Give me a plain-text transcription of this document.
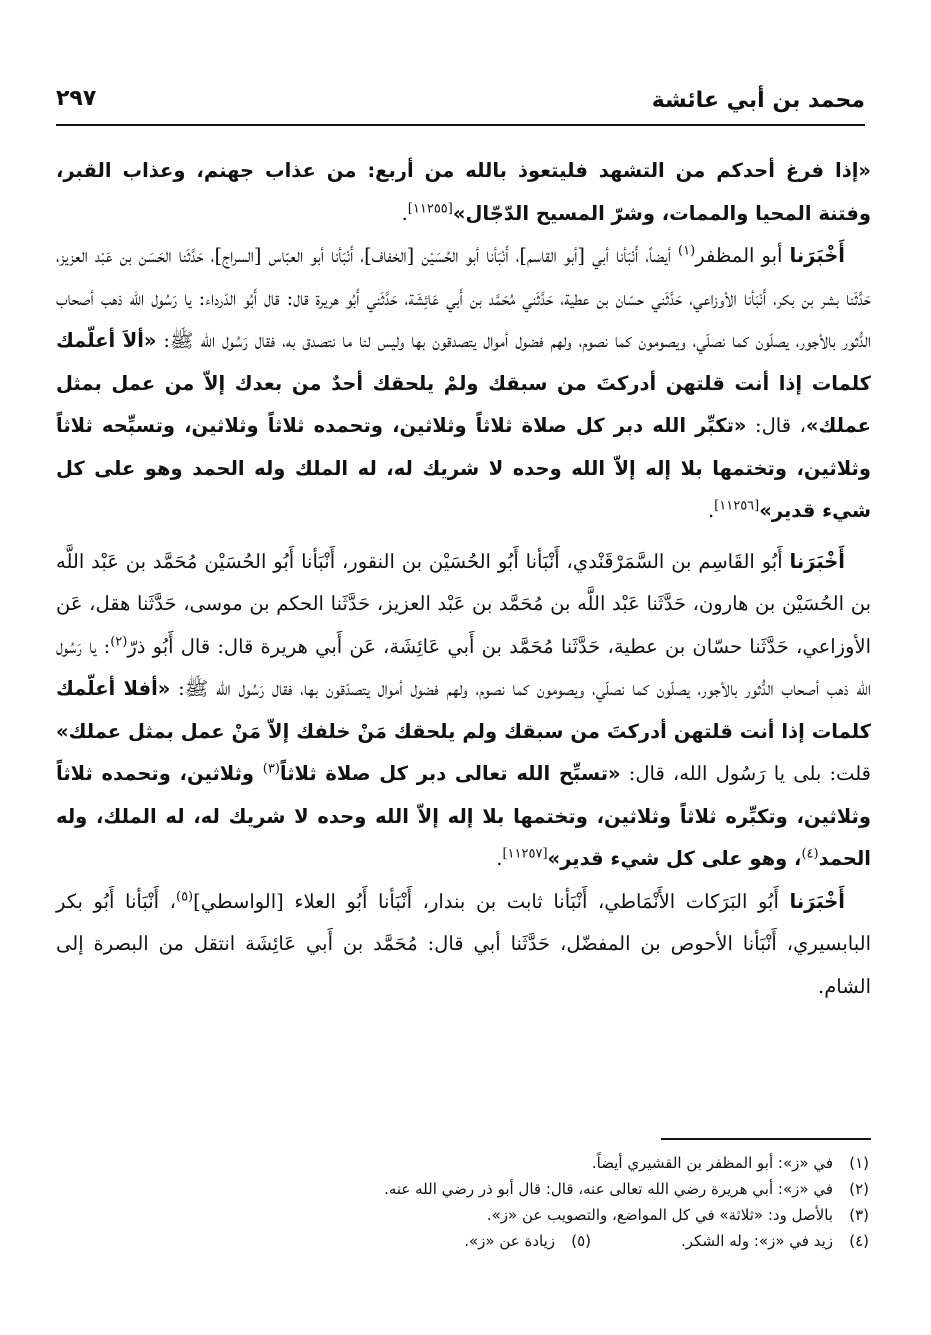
محمد بن أبي عائشة
٢٩٧

«إذا فرغ أحدكم من التشهد فليتعوذ بالله من أربع: من عذاب جهنم، وعذاب القبر، وفتنة المحيا والممات، وشرّ المسيح الدّجّال»[١١٢٥٥].

أَخْبَرَنا أبو المظفر$^{(١)}$ أيضاً، أَنْبَأنا أبي [أبو القاسم]، أَنْبَأنا أبو الحُسَيْن [الخفاف]، أَنْبَأنا أبو العبّاس [السراج]، حَدَّثَنا الحَسَن بن عَبْد العزيز، حَدَّثَنا بشر بن بكر، أَنْبَأنا الأوزاعي، حَدَّثَني حسّان بن عطية، حَدَّثَني مُحَمَّد بن أَبي عَائِشَة، حَدَّثَني أَبُو هريرة قال: قال أَبُو الدّرداء: يا رَسُول الله ذهب أصحاب الدُّثور بالأجور، يصلّون كما نصلّي، ويصومون كما نصوم، ولهم فضول أموال يتصدقون بها وليس لنا ما نتصدق به، فقال رَسُول الله ﷺ: «ألاَ أعلّمك كلمات إذا أنت قلتهن أدركتَ من سبقك ولمْ يلحقك أحدٌ من بعدك إلاّ من عمل بمثل عملك»، قال: «تكبِّر الله دبر كل صلاة ثلاثاً وثلاثين، وتحمده ثلاثاً وثلاثين، وتسبِّحه ثلاثاً وثلاثين، وتختمها بلا إله إلاّ الله وحده لا شريك له، له الملك وله الحمد وهو على كل شيء قدير»[١١٢٥٦].

أَخْبَرَنا أَبُو القَاسِم بن السَّمَرْقَنْدي، أَنْبَأنا أَبُو الحُسَيْن بن النقور، أَنْبَأنا أَبُو الحُسَيْن مُحَمَّد بن عَبْد اللَّه بن الحُسَيْن بن هارون، حَدَّثَنا عَبْد اللَّه بن مُحَمَّد بن عَبْد العزيز، حَدَّثَنا الحكم بن موسى، حَدَّثَنا هقل، عَن الأوزاعي، حَدَّثَنا حسّان بن عطية، حَدَّثَنا مُحَمَّد بن أَبي عَائِشَة، عَن أَبي هريرة قال: قال أَبُو ذرّ$^{(٢)}$: يا رَسُول الله ذهب أصحاب الدُّثور بالأجور، يصلّون كما نصلّي، ويصومون كما نصوم، ولهم فضول أموال يتصدّقون بها، فقال رَسُول الله ﷺ: «أفلا أعلّمك كلمات إذا أنت قلتهن أدركتَ من سبقك ولم يلحقك مَنْ خلفك إلاّ مَنْ عمل بمثل عملك» قلت: بلى يا رَسُول الله، قال: «تسبِّح الله تعالى دبر كل صلاة ثلاثاً$^{(٣)}$ وثلاثين، وتحمده ثلاثاً وثلاثين، وتكبِّره ثلاثاً وثلاثين، وتختمها بلا إله إلاّ الله وحده لا شريك له، له الملك، وله الحمد$^{(٤)}$، وهو على كل شيء قدير»[١١٢٥٧].

أَخْبَرَنا أَبُو البَرَكات الأَنْمَاطي، أَنْبَأنا ثابت بن بندار، أَنْبَأنا أَبُو العلاء [الواسطي]$^{(٥)}$، أَنْبَأنا أَبُو بكر البابسيري، أَنْبَأنا الأحوص بن المفضّل، حَدَّثَنا أبي قال: مُحَمَّد بن أَبي عَائِشَة انتقل من البصرة إلى الشام.

(١)في «ز»: أبو المظفر بن القشيري أيضاً.
(٢)في «ز»: أبي هريرة رضي الله تعالى عنه، قال: قال أبو ذر رضي الله عنه.
(٣)بالأصل ود: «ثلاثة» في كل المواضع، والتصويب عن «ز».
(٤)زيد في «ز»: وله الشكر.
(٥)زيادة عن «ز».
